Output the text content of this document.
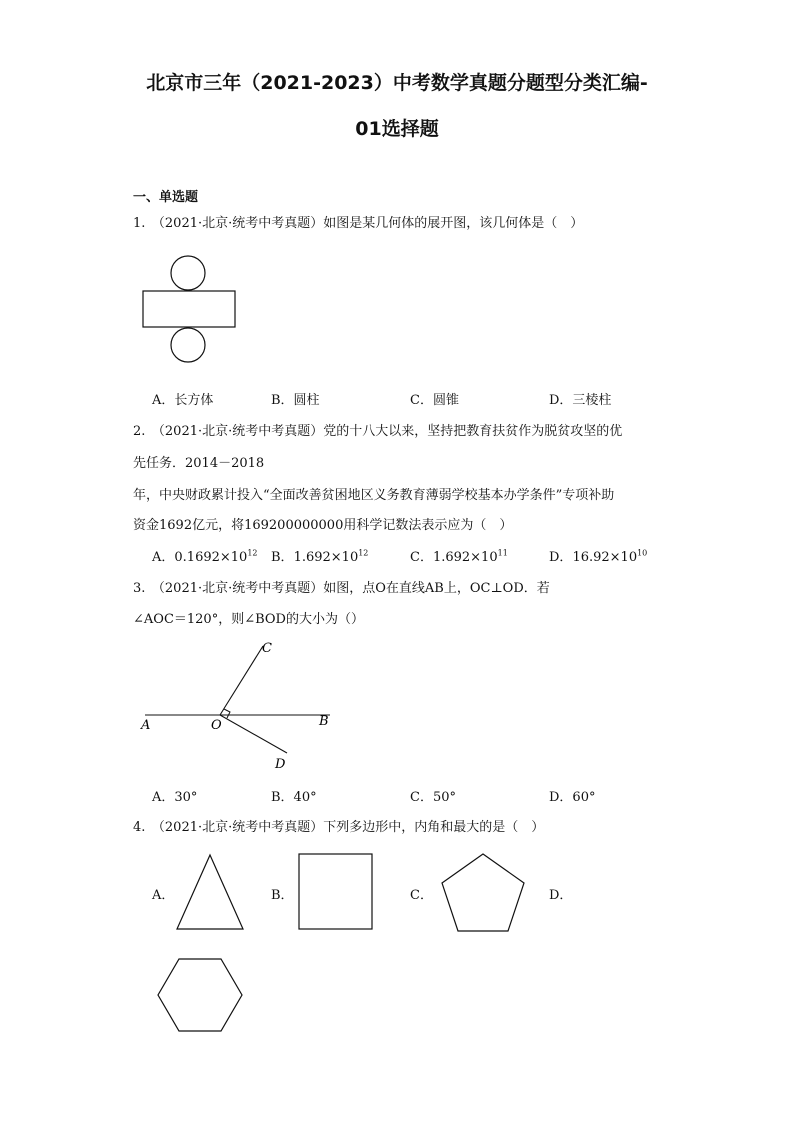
北京市三年（2021-2023）中考数学真题分题型分类汇编-
01选择题
一、单选题
1.　（2021·北京·统考中考真题）如图是某几何体的展开图，该几何体是（　）
A．长方体	B．圆柱	C．圆锥	D．三棱柱
2.　（2021·北京·统考中考真题）党的十八大以来，坚持把教育扶贫作为脱贫攻坚的优
先任务．2014－2018
年，中央财政累计投入“全面改善贫困地区义务教育薄弱学校基本办学条件”专项补助
资金1692亿元，将169200000000用科学记数法表示应为（　）
A．$0.1692\times 10^{12}$ B．$1.692\times 10^{12}$	C．$1.692\times 10^{11}$	D．$16.92\times 10^{10}$
3.　（2021·北京·统考中考真题）如图，点O在直线AB上，OC⊥OD．若
∠AOC＝120°，则∠BOD的大小为（）
A	O	B
C
D
A．30°	B．40°	C．50°	D．60°
4.　（2021·北京·统考中考真题）下列多边形中，内角和最大的是（　）
A．	B．	C．	D．
